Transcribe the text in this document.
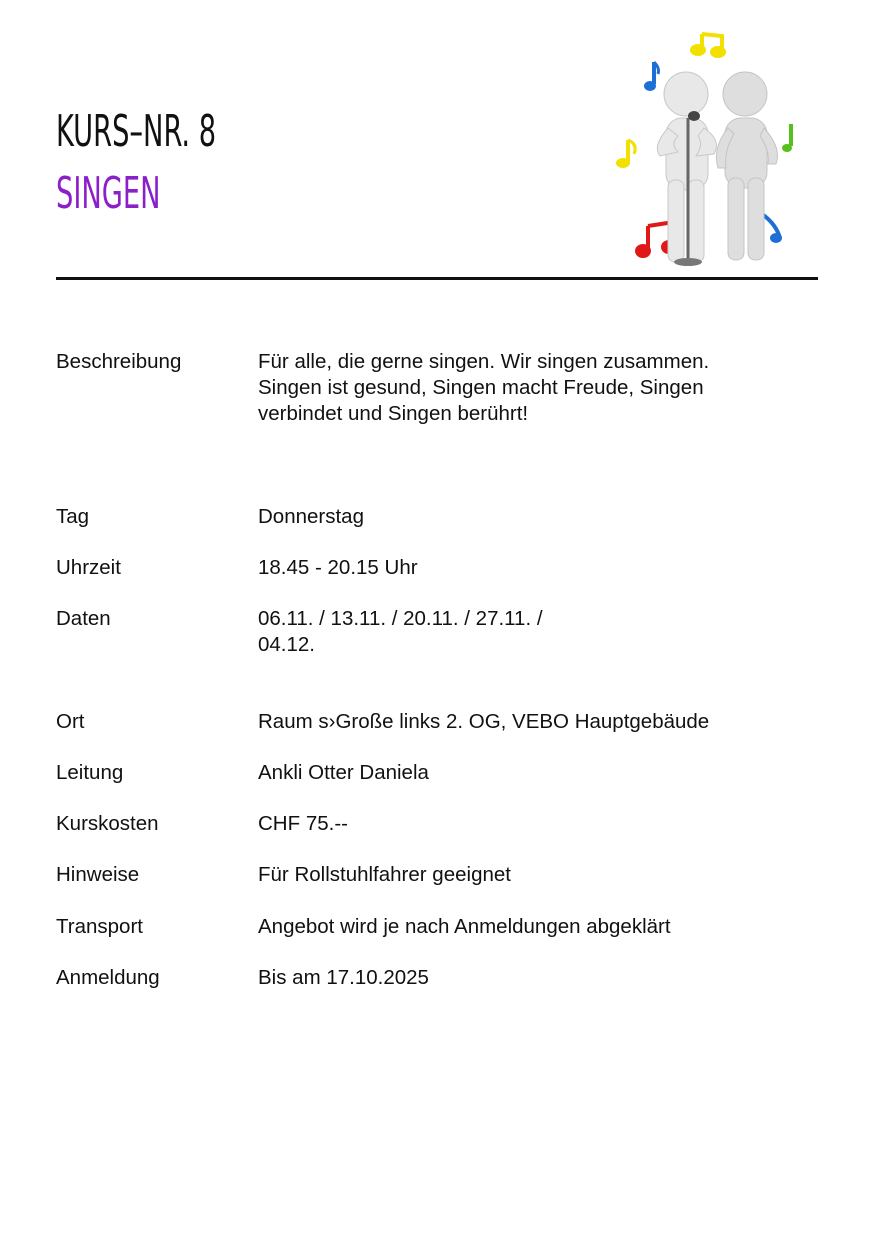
KURS–NR. 8
SINGEN
Beschreibung	Für alle, die gerne singen. Wir singen zusammen.
Singen ist gesund, Singen macht Freude, Singen
verbindet und Singen berührt!
Tag	Donnerstag
Uhrzeit	18.45 - 20.15 Uhr
Daten	06.11. / 13.11. / 20.11. / 27.11. /
04.12.
Ort	Raum s›Große links 2. OG, VEBO Hauptgebäude
Leitung	Ankli Otter Daniela
Kurskosten	CHF 75.--
Hinweise	Für Rollstuhlfahrer geeignet
Transport	Angebot wird je nach Anmeldungen abgeklärt
Anmeldung	Bis am 17.10.2025
